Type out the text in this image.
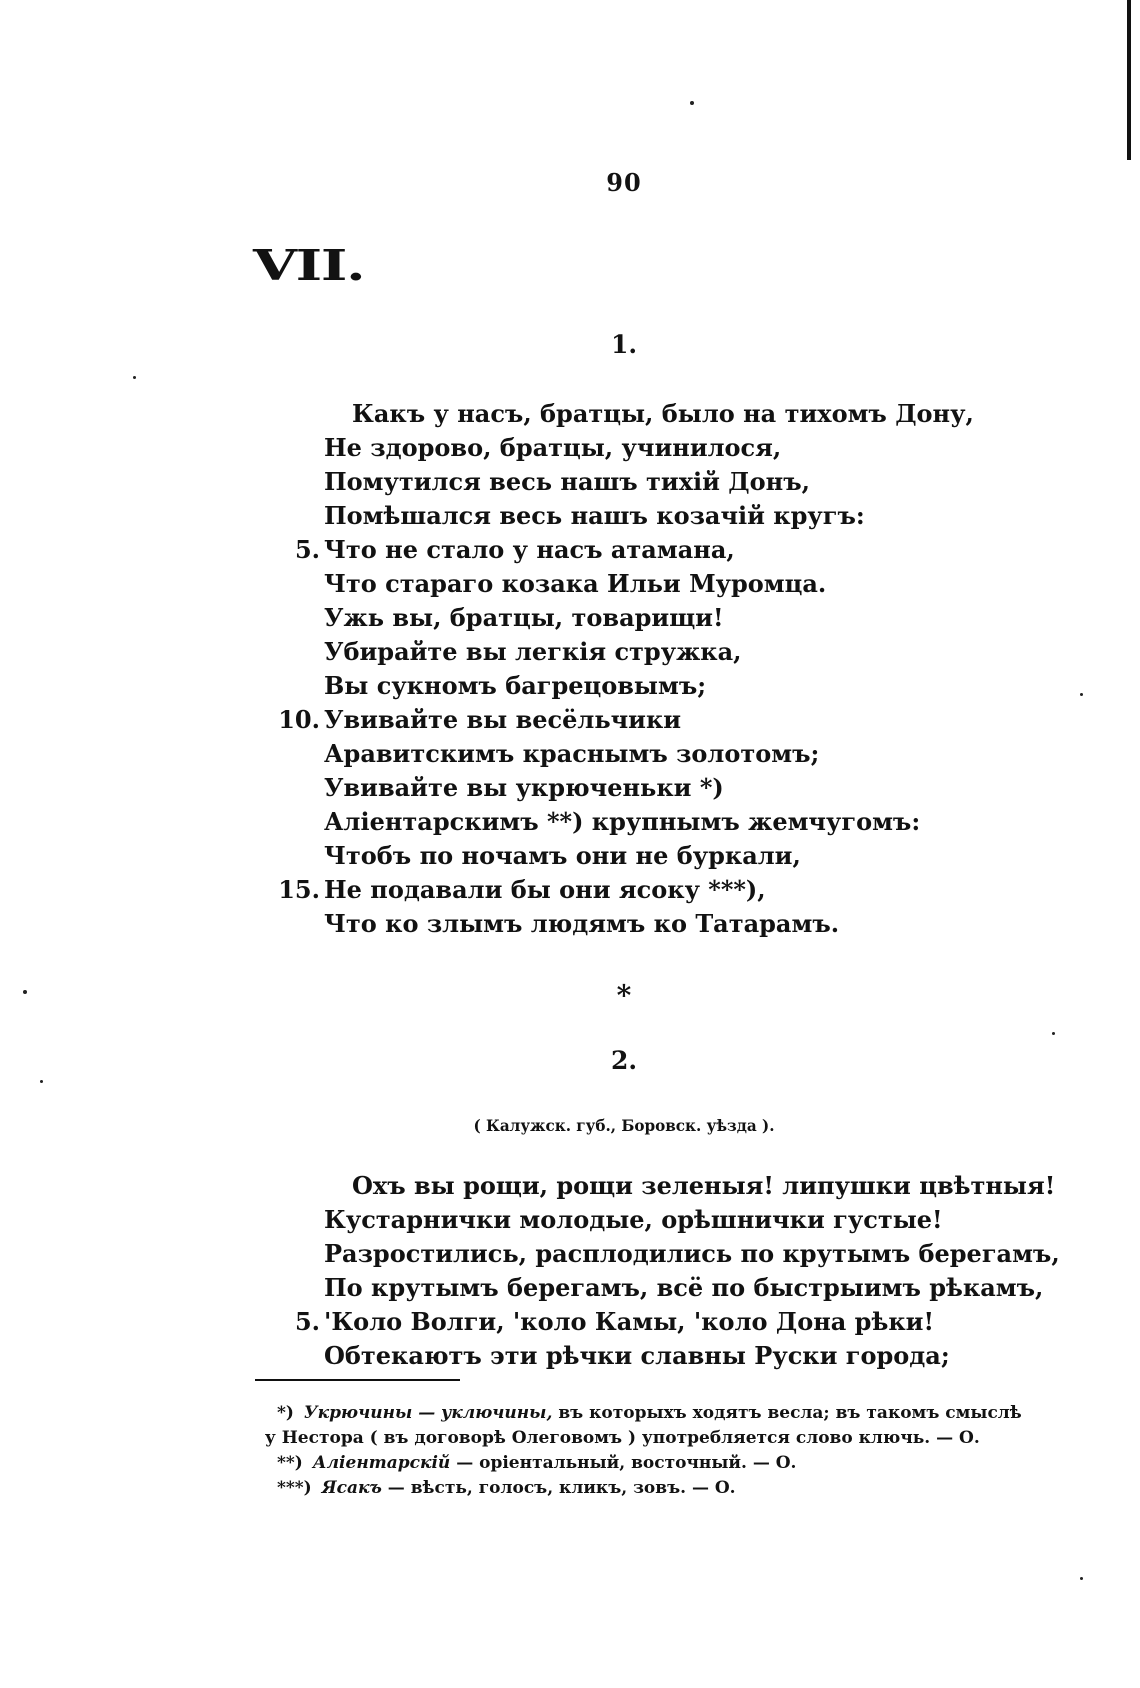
90
VII.
1.
Какъ у насъ, братцы, было на тихомъ Дону,
Не здорово, братцы, учинилося,
Помутился весь нашъ тихій Донъ,
Помѣшался весь нашъ козачій кругъ:
5. Что не стало у насъ атамана,
Что стараго козака Ильи Муромца.
Ужь вы, братцы, товарищи!
Убирайте вы легкія стружка,
Вы сукномъ багрецовымъ;
10. Увивайте вы весёльчики
Аравитскимъ краснымъ золотомъ;
Увивайте вы укрюченьки *)
Аліентарскимъ **) крупнымъ жемчугомъ:
Чтобъ по ночамъ они не буркали,
15. Не подавали бы они ясоку ***),
Что ко злымъ людямъ ко Татарамъ.
*
2.
( Калужск. губ., Боровск. уѣзда ).
Охъ вы рощи, рощи зеленыя! липушки цвѣтныя!
Кустарнички молодые, орѣшнички густые!
Разростились, расплодились по крутымъ берегамъ,
По крутымъ берегамъ, всё по быстрыимъ рѣкамъ,
5. 'Коло Волги, 'коло Камы, 'коло Дона рѣки!
Обтекаютъ эти рѣчки славны Руски города;
*) Укрючины — уключины, въ которыхъ ходятъ весла; въ такомъ смыслѣ
у Нестора ( въ договорѣ Олеговомъ ) употребляется слово ключь. — О.
**) Аліентарскій — оріентальный, восточный. — О.
***) Ясакъ — вѣсть, голосъ, кликъ, зовъ. — О.
